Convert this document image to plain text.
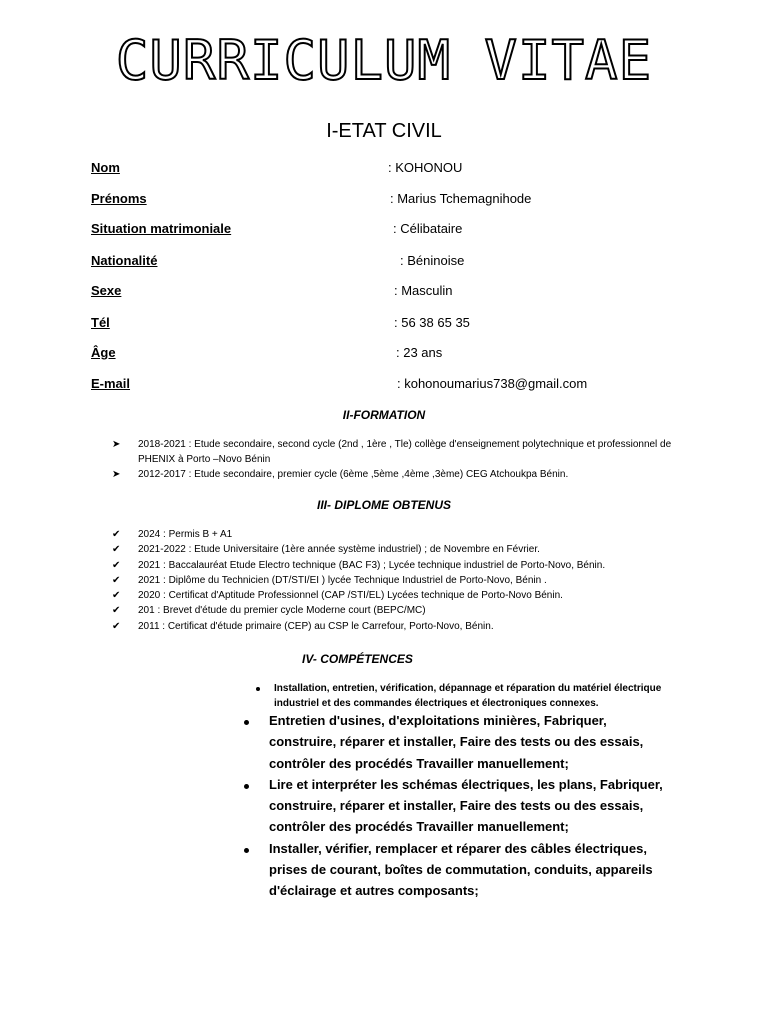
CURRICULUM VITAE
I-ETAT CIVIL
Nom	: KOHONOU
Prénoms	: Marius Tchemagnihode
Situation matrimoniale	: Célibataire
Nationalité	: Béninoise
Sexe	: Masculin
Tél	: 56 38 65 35
Âge	: 23 ans
E-mail	: kohonoumarius738@gmail.com
II-FORMATION
➤ 2018-2021 : Etude secondaire, second cycle (2nd , 1ère , Tle) collège d'enseignement polytechnique et professionnel de PHENIX à Porto –Novo Bénin
➤ 2012-2017 : Etude secondaire, premier cycle (6ème ,5ème ,4ème ,3ème) CEG Atchoukpa Bénin.
III- DIPLOME OBTENUS
✔ 2024 : Permis B + A1
✔ 2021-2022 : Etude Universitaire (1ère année système industriel) ; de Novembre en Février.
✔ 2021 : Baccalauréat Etude Electro technique (BAC F3) ; Lycée technique industriel de Porto-Novo, Bénin.
✔ 2021 : Diplôme du Technicien (DT/STI/EI ) lycée Technique Industriel de Porto-Novo, Bénin .
✔ 2020 : Certificat d'Aptitude Professionnel (CAP /STI/EL) Lycées technique de Porto-Novo Bénin.
✔ 201 : Brevet d'étude du premier cycle Moderne court (BEPC/MC)
✔ 2011 : Certificat d'étude primaire (CEP) au CSP le Carrefour, Porto-Novo, Bénin.
IV- COMPÉTENCES
Installation, entretien, vérification, dépannage et réparation du matériel électrique industriel et des commandes électriques et électroniques connexes.
Entretien d'usines, d'exploitations minières, Fabriquer, construire, réparer et installer, Faire des tests ou des essais, contrôler des procédés Travailler manuellement;
Lire et interpréter les schémas électriques, les plans, Fabriquer, construire, réparer et installer, Faire des tests ou des essais, contrôler des procédés Travailler manuellement;
Installer, vérifier, remplacer et réparer des câbles électriques, prises de courant, boîtes de commutation, conduits, appareils d'éclairage et autres composants;
